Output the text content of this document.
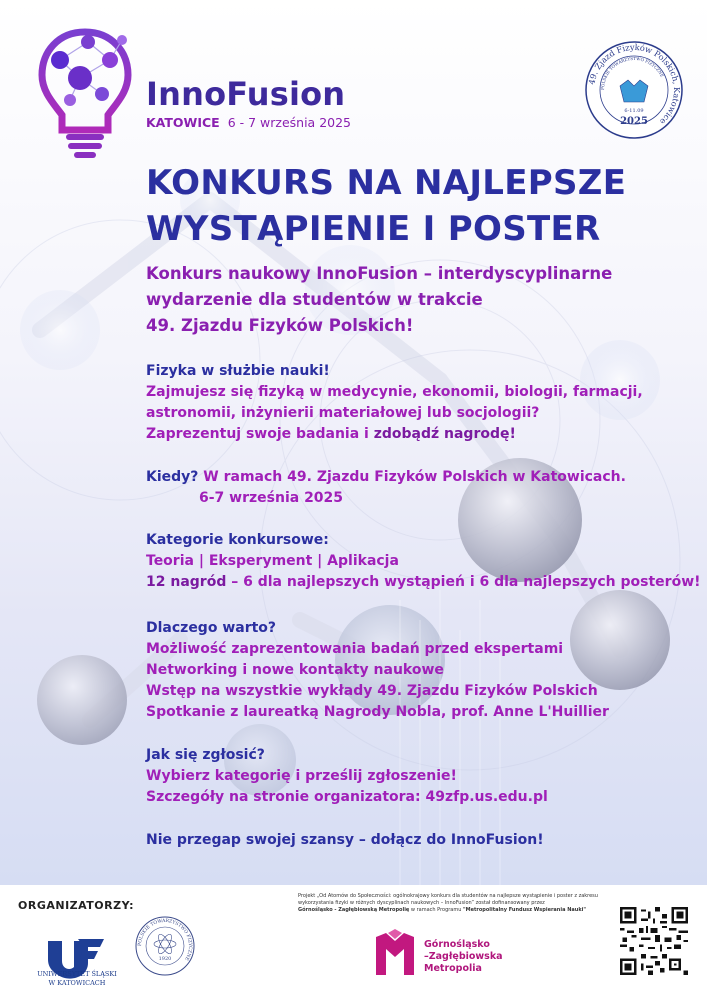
InnoFusion
KATOWICE 6 - 7 września 2025
49. Zjazd Fizyków Polskich, Katowice
POLSKIE TOWARZYSTWO FIZYCZNE
6-11.09
2025
KONKURS NA NAJLEPSZE
WYSTĄPIENIE I POSTER
Konkurs naukowy InnoFusion – interdyscyplinarne
wydarzenie dla studentów w trakcie
49. Zjazdu Fizyków Polskich!
Fizyka w służbie nauki!
Zajmujesz się fizyką w medycynie, ekonomii, biologii, farmacji,
astronomii, inżynierii materiałowej lub socjologii?
Zaprezentuj swoje badania i zdobądź nagrodę!
Kiedy? W ramach 49. Zjazdu Fizyków Polskich w Katowicach.
6-7 września 2025
Kategorie konkursowe:
Teoria | Eksperyment | Aplikacja
12 nagród – 6 dla najlepszych wystąpień i 6 dla najlepszych posterów!
Dlaczego warto?
Możliwość zaprezentowania badań przed ekspertami
Networking i nowe kontakty naukowe
Wstęp na wszystkie wykłady 49. Zjazdu Fizyków Polskich
Spotkanie z laureatką Nagrody Nobla, prof. Anne L'Huillier
Jak się zgłosić?
Wybierz kategorię i prześlij zgłoszenie!
Szczegóły na stronie organizatora: 49zfp.us.edu.pl
Nie przegap swojej szansy – dołącz do InnoFusion!
ORGANIZATORZY:
UNIWERSYTET ŚLĄSKI
W KATOWICACH
POLSKIE TOWARZYSTWO FIZYCZNE
1920
Projekt „Od Atomów do Społeczności: ogólnokrajowy konkurs dla studentów na najlepsze wystąpienie i poster z zakresu
wykorzystania fizyki w różnych dyscyplinach naukowych – InnoFusion” został dofinansowany przez
Górnośląsko - Zagłębiowską Metropolię w ramach Programu "Metropolitalny Fundusz Wspierania Nauki"
Górnośląsko
–Zagłębiowska
Metropolia
